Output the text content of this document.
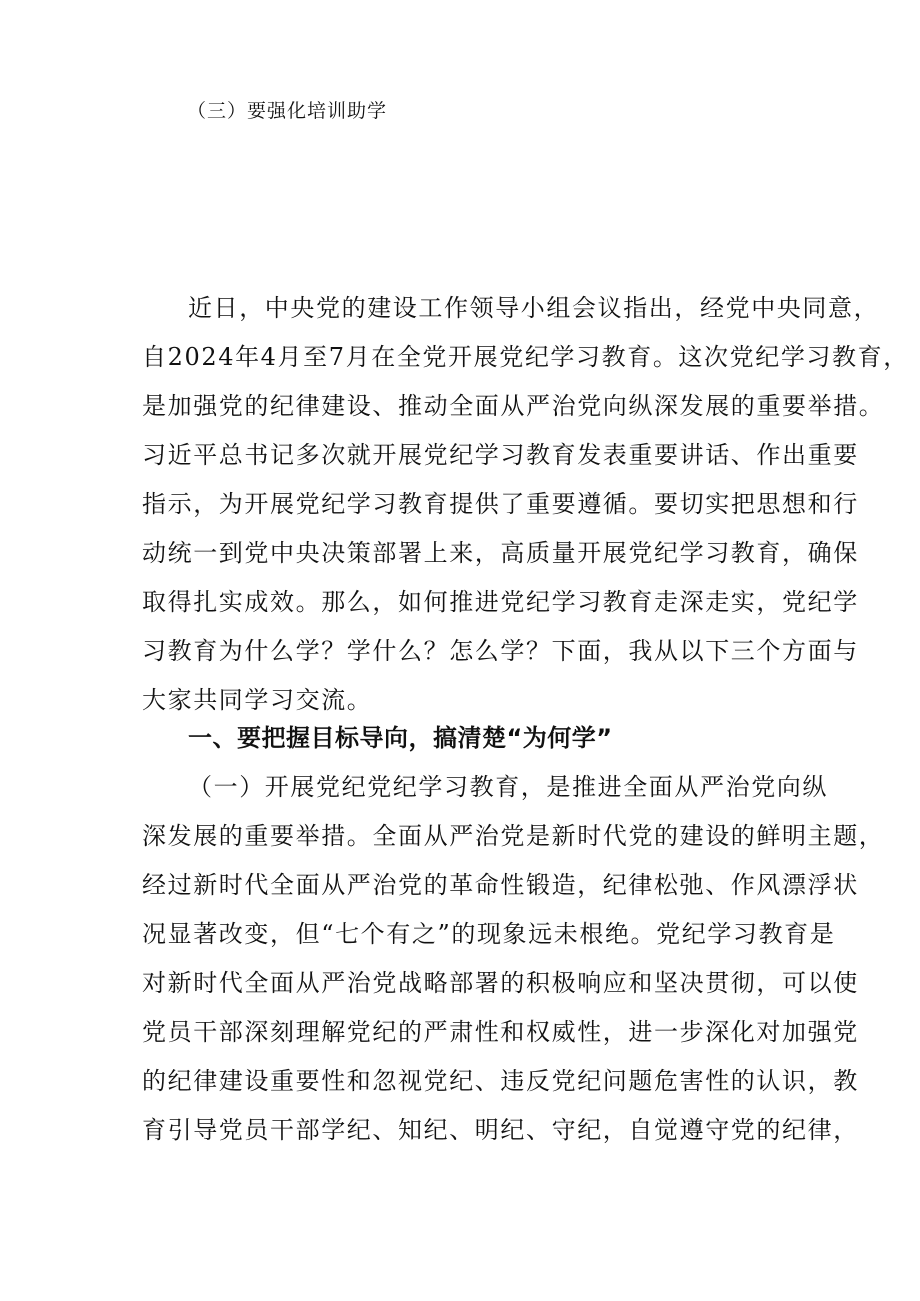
（三）要强化培训助学
近日，中央党的建设工作领导小组会议指出，经党中央同意，
自2024年4月至7月在全党开展党纪学习教育。这次党纪学习教育，
是加强党的纪律建设、推动全面从严治党向纵深发展的重要举措。
习近平总书记多次就开展党纪学习教育发表重要讲话、作出重要
指示，为开展党纪学习教育提供了重要遵循。要切实把思想和行
动统一到党中央决策部署上来，高质量开展党纪学习教育，确保
取得扎实成效。那么，如何推进党纪学习教育走深走实，党纪学
习教育为什么学？学什么？怎么学？下面，我从以下三个方面与
大家共同学习交流。
一、要把握目标导向，搞清楚“为何学”
（一）开展党纪党纪学习教育，是推进全面从严治党向纵
深发展的重要举措。全面从严治党是新时代党的建设的鲜明主题，
经过新时代全面从严治党的革命性锻造，纪律松弛、作风漂浮状
况显著改变，但“七个有之”的现象远未根绝。党纪学习教育是
对新时代全面从严治党战略部署的积极响应和坚决贯彻，可以使
党员干部深刻理解党纪的严肃性和权威性，进一步深化对加强党
的纪律建设重要性和忽视党纪、违反党纪问题危害性的认识，教
育引导党员干部学纪、知纪、明纪、守纪，自觉遵守党的纪律，
